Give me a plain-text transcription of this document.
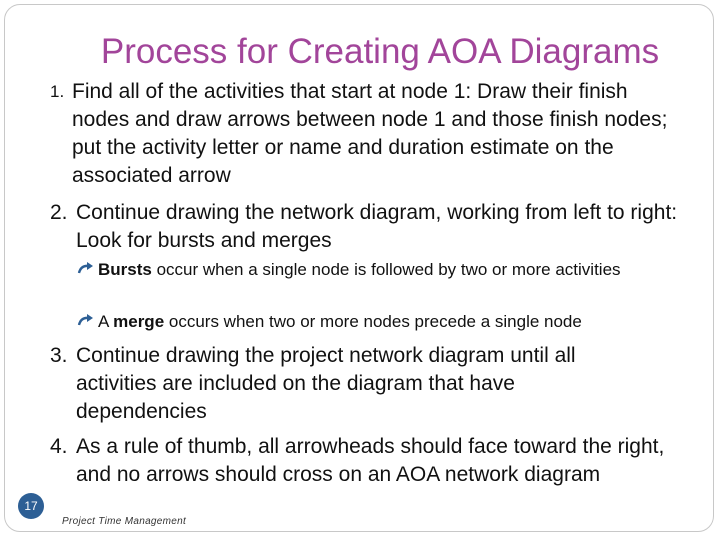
Process for Creating AOA Diagrams
1. Find all of the activities that start at node 1: Draw their finish nodes and draw arrows between node 1 and those finish nodes; put the activity letter or name and duration estimate on the associated arrow
2. Continue drawing the network diagram, working from left to right: Look for bursts and merges
Bursts occur when a single node is followed by two or more activities
A merge occurs when two or more nodes precede a single node
3. Continue drawing the project network diagram until all activities are included on the diagram that have dependencies
4. As a rule of thumb, all arrowheads should face toward the right, and no arrows should cross on an AOA network diagram
17
Project Time Management
